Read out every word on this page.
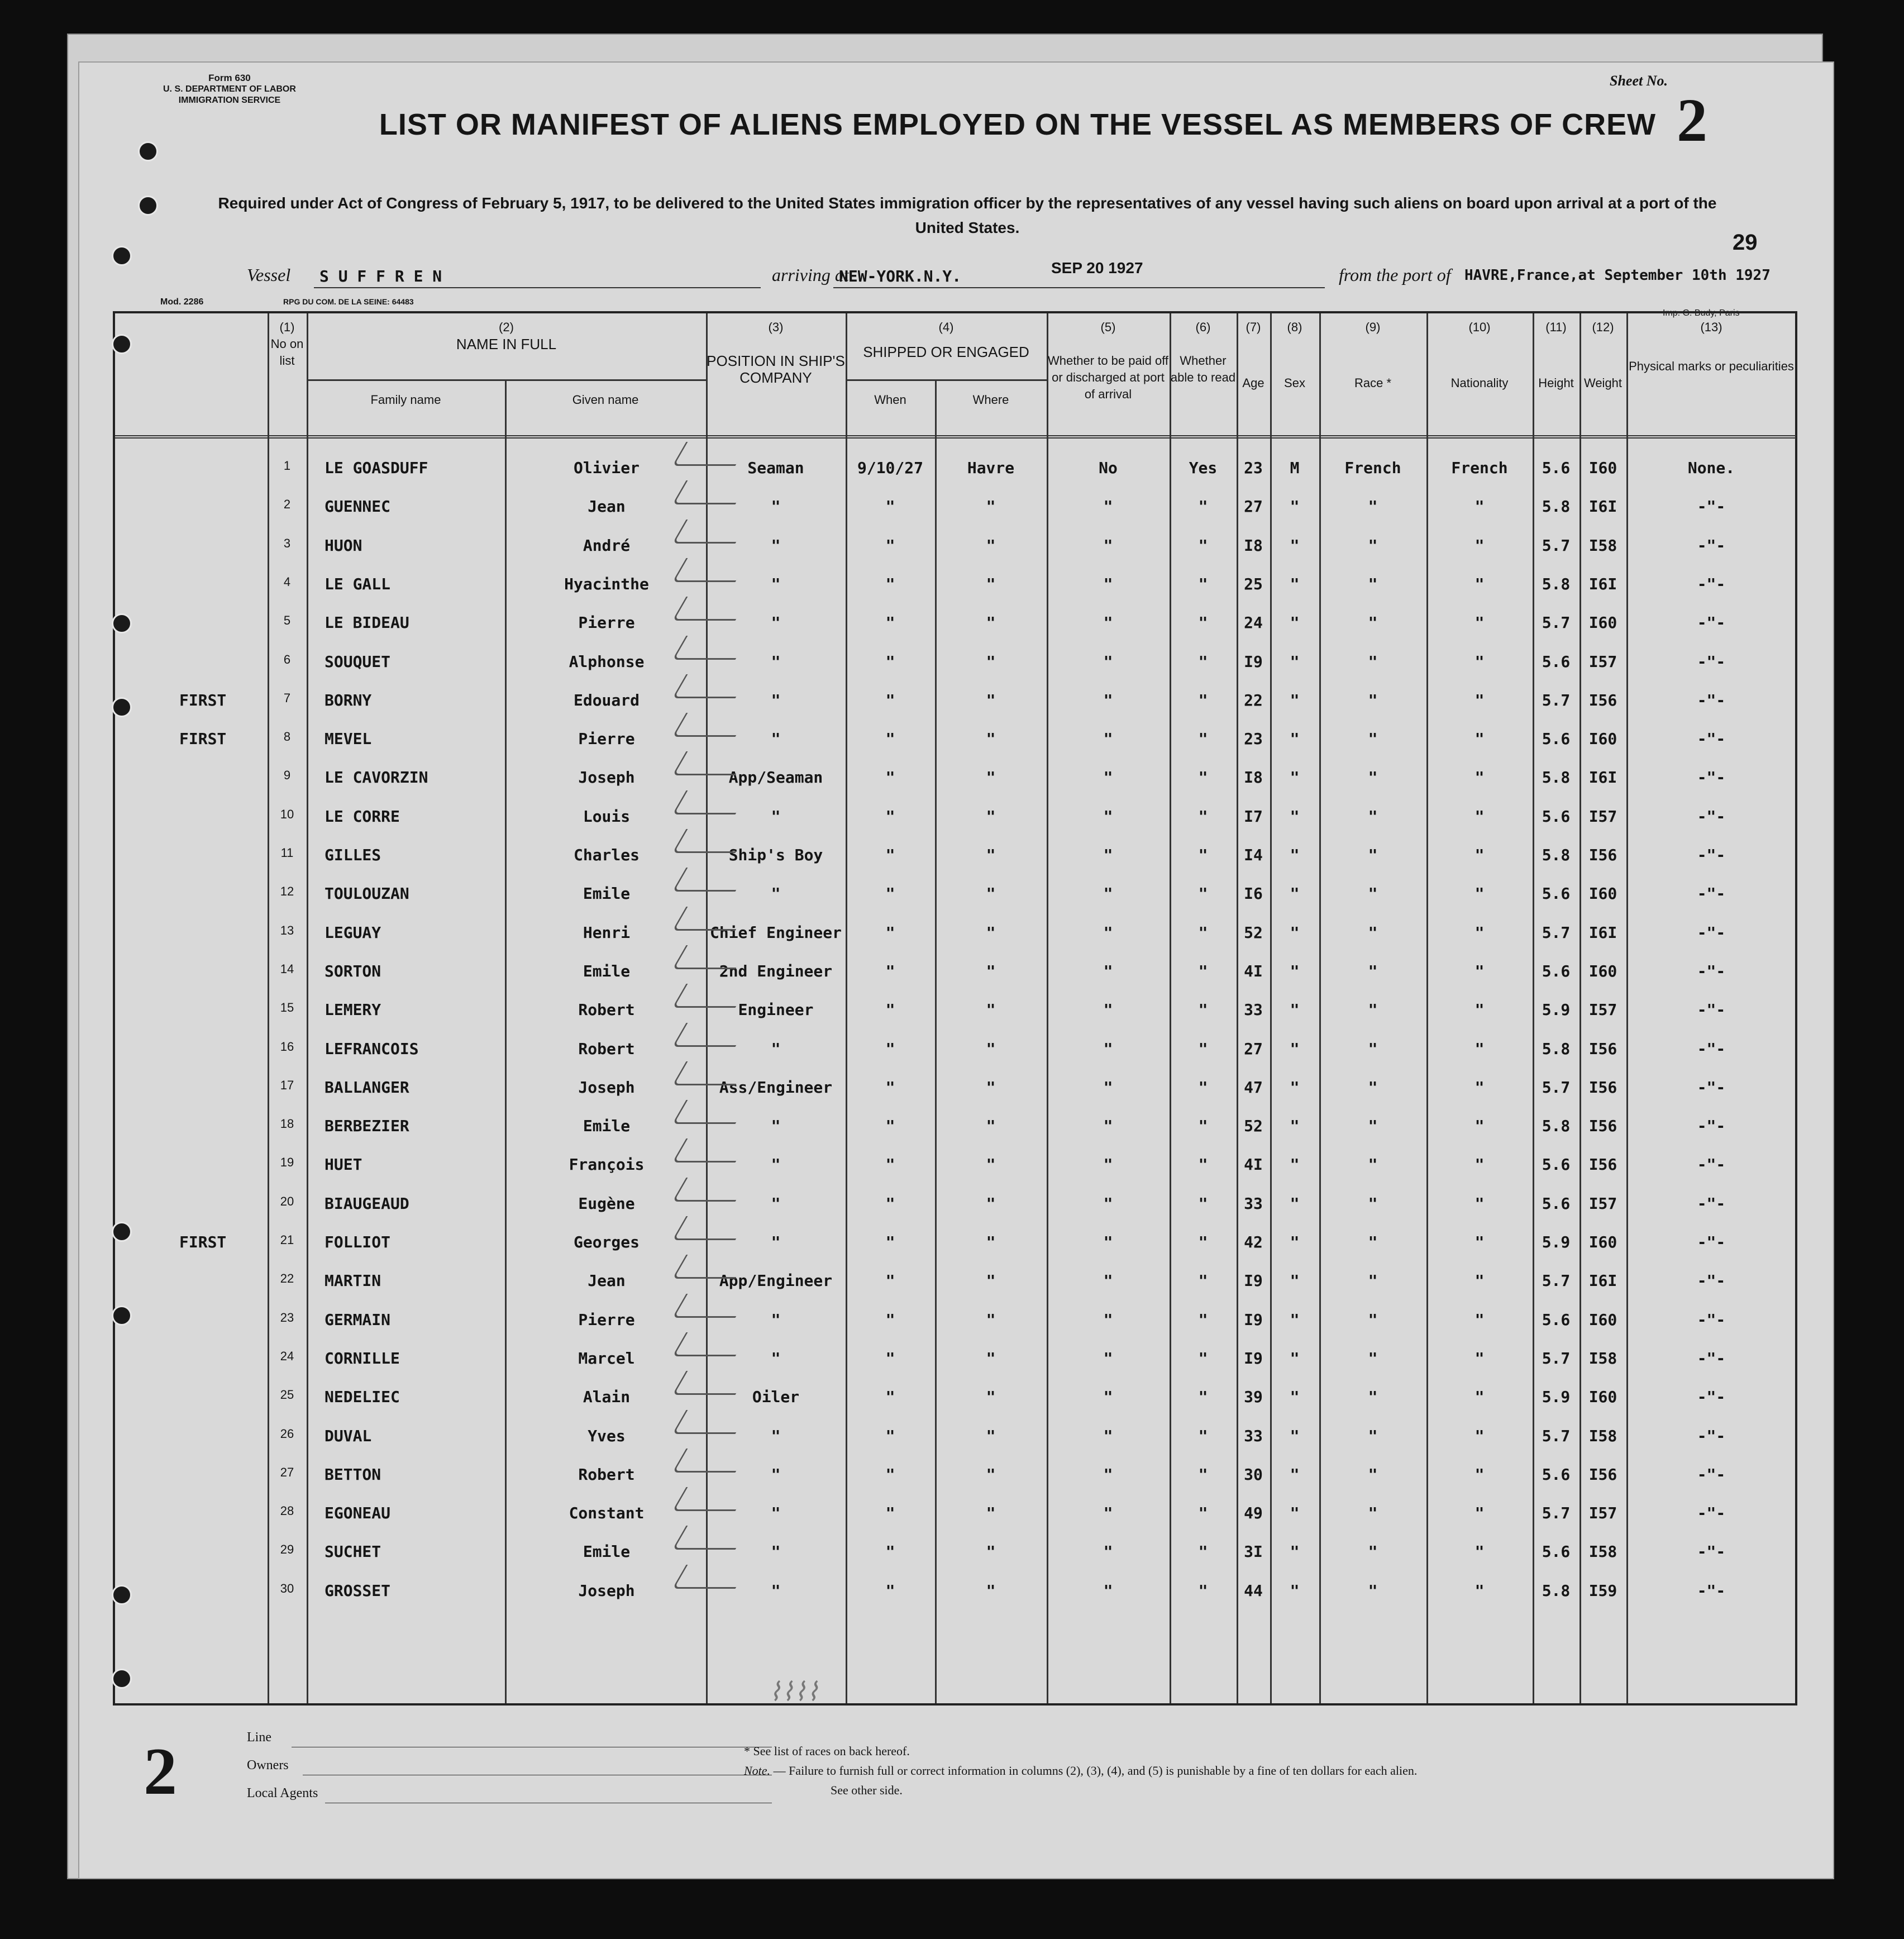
Form 630
U. S. DEPARTMENT OF LABOR
IMMIGRATION SERVICE
Sheet No.
2
29
LIST OR MANIFEST OF ALIENS EMPLOYED ON THE VESSEL AS MEMBERS OF CREW
Required under Act of Congress of February 5, 1917, to be delivered to the United States immigration officer by the representatives of any vessel having such aliens on board upon arrival at a port of the United States.
Vessel S U F F R E N	arriving at
NEW-YORK.N.Y.	SEP 20 1927	from the port of HAVRE,France,at September 10th 1927
Mod. 2286	RPG DU COM. DE LA SEINE: 64483
Imp. G. Budy, Paris
(1)
No on list
(2)
NAME IN FULL
Family name	Given name
(3)
POSITION IN SHIP'S COMPANY
(4)
SHIPPED OR ENGAGED
When	Where
(5)
Whether to be paid off or discharged at port of arrival
(6)
Whether able to read
(7)
Age
(8)
Sex
(9)
Race *
(10)
Nationality
(11)
Height
(12)
Weight
(13)
Physical marks or peculiarities
1	LE GOASDUFF	Olivier	Seaman	9/10/27	Havre	No	Yes	23	M	French	French	5.6	I60	None.
2	GUENNEC	Jean	"	"	"	"	"	27	"	"	"	5.8	I6I	-"-
3	HUON	André	"	"	"	"	"	I8	"	"	"	5.7	I58	-"-
4	LE GALL	Hyacinthe	"	"	"	"	"	25	"	"	"	5.8	I6I	-"-
5	LE BIDEAU	Pierre	"	"	"	"	"	24	"	"	"	5.7	I60	-"-
6	SOUQUET	Alphonse	"	"	"	"	"	I9	"	"	"	5.6	I57	-"-
FIRST	7	BORNY	Edouard	"	"	"	"	"	22	"	"	"	5.7	I56	-"-
FIRST	8	MEVEL	Pierre	"	"	"	"	"	23	"	"	"	5.6	I60	-"-
9	LE CAVORZIN	Joseph	App/Seaman	"	"	"	"	I8	"	"	"	5.8	I6I	-"-
10	LE CORRE	Louis	"	"	"	"	"	I7	"	"	"	5.6	I57	-"-
11	GILLES	Charles	Ship's Boy	"	"	"	"	I4	"	"	"	5.8	I56	-"-
12	TOULOUZAN	Emile	"	"	"	"	"	I6	"	"	"	5.6	I60	-"-
13	LEGUAY	Henri	Chief Engineer	"	"	"	"	52	"	"	"	5.7	I6I	-"-
14	SORTON	Emile	2nd Engineer	"	"	"	"	4I	"	"	"	5.6	I60	-"-
15	LEMERY	Robert	Engineer	"	"	"	"	33	"	"	"	5.9	I57	-"-
16	LEFRANCOIS	Robert	"	"	"	"	"	27	"	"	"	5.8	I56	-"-
17	BALLANGER	Joseph	Ass/Engineer	"	"	"	"	47	"	"	"	5.7	I56	-"-
18	BERBEZIER	Emile	"	"	"	"	"	52	"	"	"	5.8	I56	-"-
19	HUET	François	"	"	"	"	"	4I	"	"	"	5.6	I56	-"-
20	BIAUGEAUD	Eugène	"	"	"	"	"	33	"	"	"	5.6	I57	-"-
FIRST	21	FOLLIOT	Georges	"	"	"	"	"	42	"	"	"	5.9	I60	-"-
22	MARTIN	Jean	App/Engineer	"	"	"	"	I9	"	"	"	5.7	I6I	-"-
23	GERMAIN	Pierre	"	"	"	"	"	I9	"	"	"	5.6	I60	-"-
24	CORNILLE	Marcel	"	"	"	"	"	I9	"	"	"	5.7	I58	-"-
25	NEDELIEC	Alain	Oiler	"	"	"	"	39	"	"	"	5.9	I60	-"-
26	DUVAL	Yves	"	"	"	"	"	33	"	"	"	5.7	I58	-"-
27	BETTON	Robert	"	"	"	"	"	30	"	"	"	5.6	I56	-"-
28	EGONEAU	Constant	"	"	"	"	"	49	"	"	"	5.7	I57	-"-
29	SUCHET	Emile	"	"	"	"	"	3I	"	"	"	5.6	I58	-"-
30	GROSSET	Joseph	"	"	"	"	"	44	"	"	"	5.8	I59	-"-
⌇⌇⌇⌇
Line
Owners
Local Agents
2	* See list of races on back hereof.
Note. — Failure to furnish full or correct information in columns (2), (3), (4), and (5) is punishable by a fine of ten dollars for each alien.
See other side.
